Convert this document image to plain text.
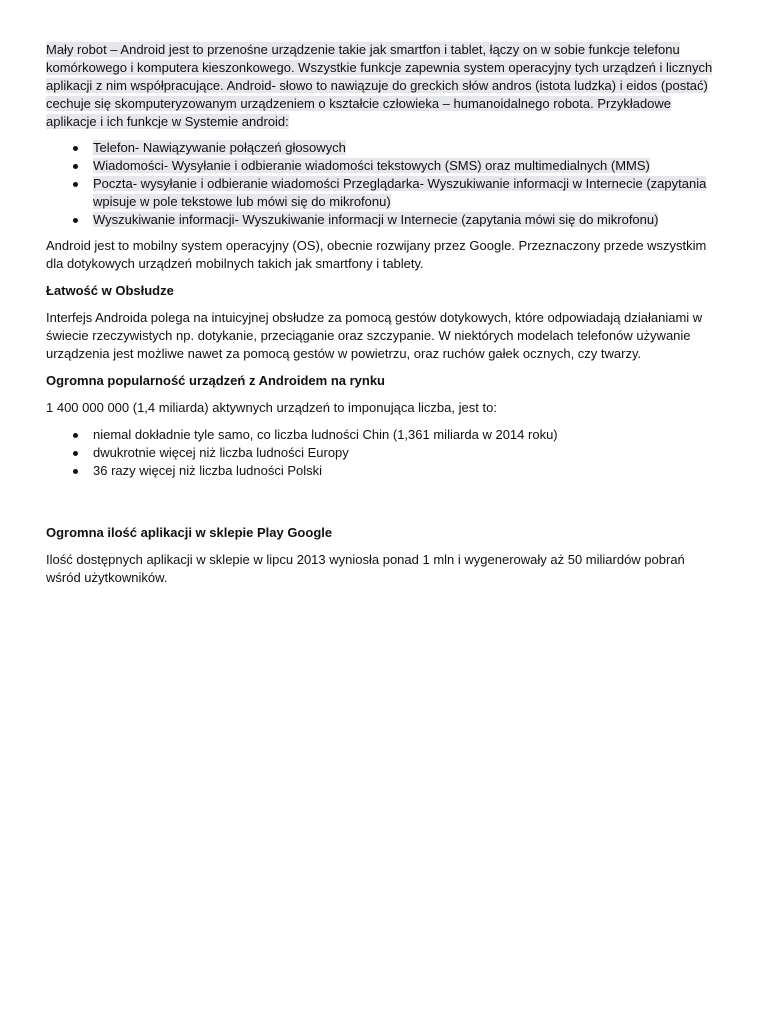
Mały robot – Android jest to przenośne urządzenie takie jak smartfon i tablet, łączy on w sobie funkcje telefonu komórkowego i komputera kieszonkowego. Wszystkie funkcje zapewnia system operacyjny tych urządzeń i licznych aplikacji z nim współpracujące. Android- słowo to nawiązuje do greckich słów andros (istota ludzka) i eidos (postać) cechuje się skomputeryzowanym urządzeniem o kształcie człowieka – humanoidalnego robota. Przykładowe aplikacje i ich funkcje w Systemie android:

Telefon- Nawiązywanie połączeń głosowych
Wiadomości- Wysyłanie i odbieranie wiadomości tekstowych (SMS) oraz multimedialnych (MMS)
Poczta- wysyłanie i odbieranie wiadomości Przeglądarka- Wyszukiwanie informacji w Internecie (zapytania wpisuje w pole tekstowe lub mówi się do mikrofonu)
Wyszukiwanie informacji- Wyszukiwanie informacji w Internecie (zapytania mówi się do mikrofonu)

Android jest to mobilny system operacyjny (OS), obecnie rozwijany przez Google. Przeznaczony przede wszystkim dla dotykowych urządzeń mobilnych takich jak smartfony i tablety.

Łatwość w Obsłudze

Interfejs Androida polega na intuicyjnej obsłudze za pomocą gestów dotykowych, które odpowiadają działaniami w świecie rzeczywistych np. dotykanie, przeciąganie oraz szczypanie. W niektórych modelach telefonów używanie urządzenia jest możliwe nawet za pomocą gestów w powietrzu, oraz ruchów gałek ocznych, czy twarzy.

Ogromna popularność urządzeń z Androidem na rynku

1 400 000 000 (1,4 miliarda) aktywnych urządzeń to imponująca liczba, jest to:

niemal dokładnie tyle samo, co liczba ludności Chin (1,361 miliarda w 2014 roku)
dwukrotnie więcej niż liczba ludności Europy
36 razy więcej niż liczba ludności Polski

Ogromna ilość aplikacji w sklepie Play Google

Ilość dostępnych aplikacji w sklepie w lipcu 2013 wyniosła ponad 1 mln i wygenerowały aż 50 miliardów pobrań wśród użytkowników.
